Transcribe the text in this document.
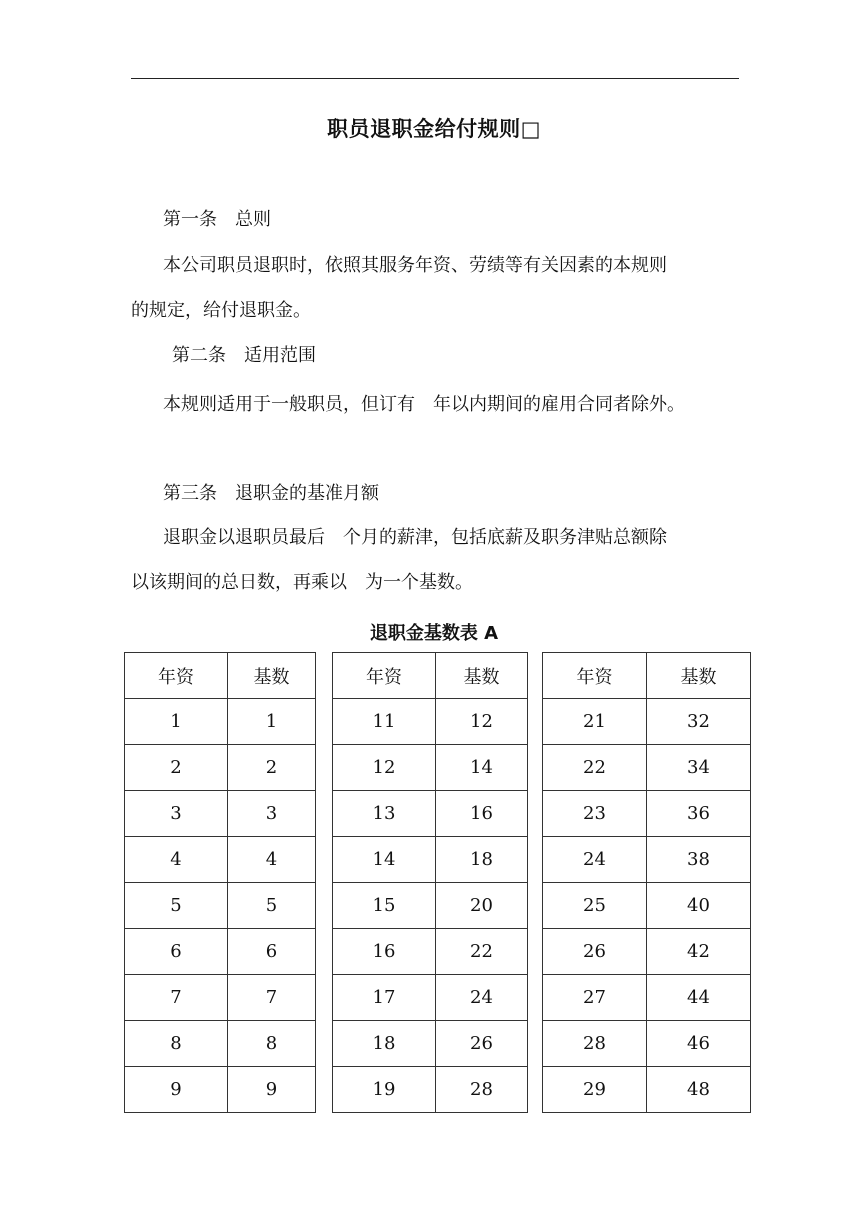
职员退职金给付规则□

第一条　总则

本公司职员退职时，依照其服务年资、劳绩等有关因素的本规则

的规定，给付退职金。

第二条　适用范围

本规则适用于一般职员，但订有　年以内期间的雇用合同者除外。

第三条　退职金的基准月额

退职金以退职员最后　个月的薪津，包括底薪及职务津贴总额除

以该期间的总日数，再乘以　为一个基数。

退职金基数表 A

年资	基数
1	1
2	2
3	3
4	4
5	5
6	6
7	7
8	8
9	9
年资	基数
11	12
12	14
13	16
14	18
15	20
16	22
17	24
18	26
19	28
年资	基数
21	32
22	34
23	36
24	38
25	40
26	42
27	44
28	46
29	48
